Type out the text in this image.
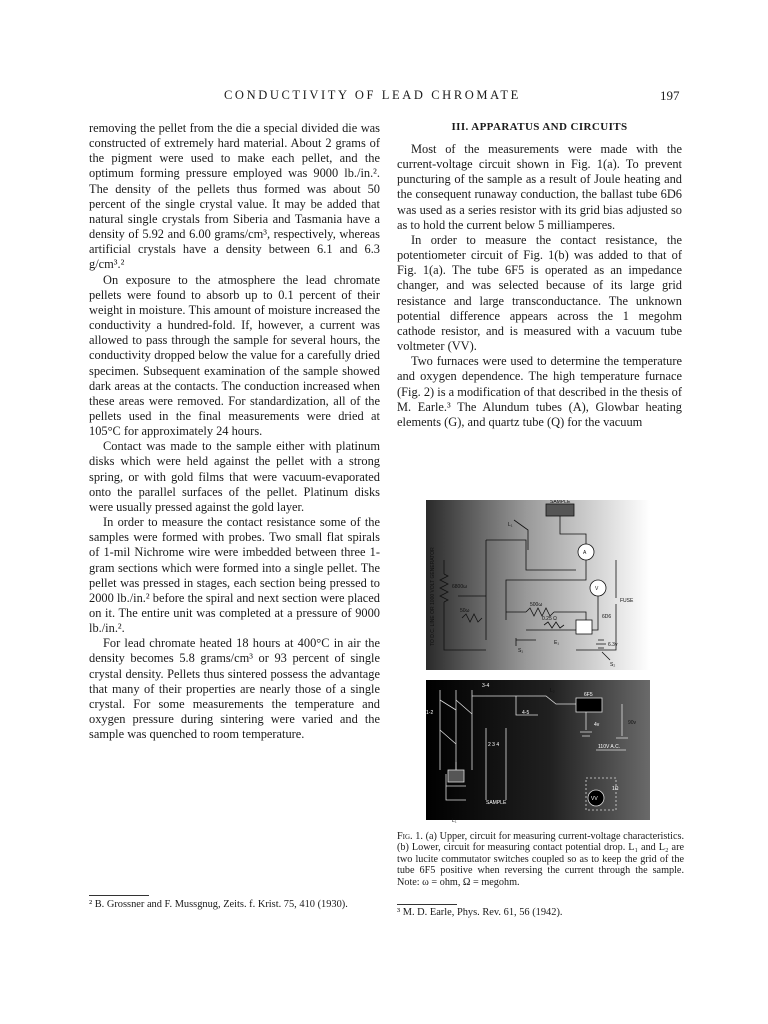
CONDUCTIVITY OF LEAD CHROMATE	197

removing the pellet from the die a special divided die was constructed of extremely hard material. About 2 grams of the pigment were used to make each pellet, and the optimum forming pressure employed was 9000 lb./in.². The density of the pellets thus formed was about 50 percent of the single crystal value. It may be added that natural single crystals from Siberia and Tasmania have a density of 5.92 and 6.00 grams/cm³, respectively, whereas artificial crystals have a density between 6.1 and 6.3 g/cm³.²

On exposure to the atmosphere the lead chromate pellets were found to absorb up to 0.1 percent of their weight in moisture. This amount of moisture increased the conductivity a hundred-fold. If, however, a current was allowed to pass through the sample for several hours, the conductivity dropped below the value for a carefully dried specimen. Subsequent examination of the sample showed dark areas at the contacts. The conduction increased when these areas were removed. For standardization, all of the pellets used in the final measurements were dried at 105°C for approximately 24 hours.

Contact was made to the sample either with platinum disks which were held against the pellet with a strong spring, or with gold films that were vacuum-evaporated onto the parallel surfaces of the pellet. Platinum disks were usually pressed against the gold layer.

In order to measure the contact resistance some of the samples were formed with probes. Two small flat spirals of 1-mil Nichrome wire were imbedded between three 1-gram sections which were formed into a single pellet. The pellet was pressed in stages, each section being pressed to 2000 lb./in.² before the spiral and next section were placed on it. The entire unit was completed at a pressure of 9000 lb./in.².

For lead chromate heated 18 hours at 400°C in air the density becomes 5.8 grams/cm³ or 93 percent of single crystal density. Pellets thus sintered possess the advantage that many of their properties are nearly those of a single crystal. For some measurements the temperature and oxygen pressure during sintering were varied and the sample was quenched to room temperature.

III. APPARATUS AND CIRCUITS

Most of the measurements were made with the current-voltage circuit shown in Fig. 1(a). To prevent puncturing of the sample as a result of Joule heating and the consequent runaway conduction, the ballast tube 6D6 was used as a series resistor with its grid bias adjusted so as to hold the current below 5 milliamperes.

In order to measure the contact resistance, the potentiometer circuit of Fig. 1(b) was added to that of Fig. 1(a). The tube 6F5 is operated as an impedance changer, and was selected because of its large grid resistance and large transconductance. The unknown potential difference appears across the 1 megohm cathode resistor, and is measured with a vacuum tube voltmeter (VV).

Two furnaces were used to determine the temperature and oxygen dependence. The high temperature furnace (Fig. 2) is a modification of that described in the thesis of M. Earle.³ The Alundum tubes (A), Glowbar heating elements (G), and quartz tube (Q) for the vacuum

SAMPLE
L₁
A
V
FUSE
TO D.C. LINE OR 1000 VOLT GENERATOR	6800ω
500ω
50ω
0.25 Ω	6D6
6.3v
S₁
E₁
S₂
3-4
L₂
4-5
1-2
6F5
4v	90v
110V A.C.
1Ω
VV
2 3 4
SAMPLE
L₁
Fig. 1. (a) Upper, circuit for measuring current-voltage characteristics. (b) Lower, circuit for measuring contact potential drop. L₁ and L₂ are two lucite commutator switches coupled so as to keep the grid of the tube 6F5 positive when reversing the current through the sample. Note: ω = ohm, Ω = megohm.
² B. Grossner and F. Mussgnug, Zeits. f. Krist. 75, 410 (1930).
³ M. D. Earle, Phys. Rev. 61, 56 (1942).
